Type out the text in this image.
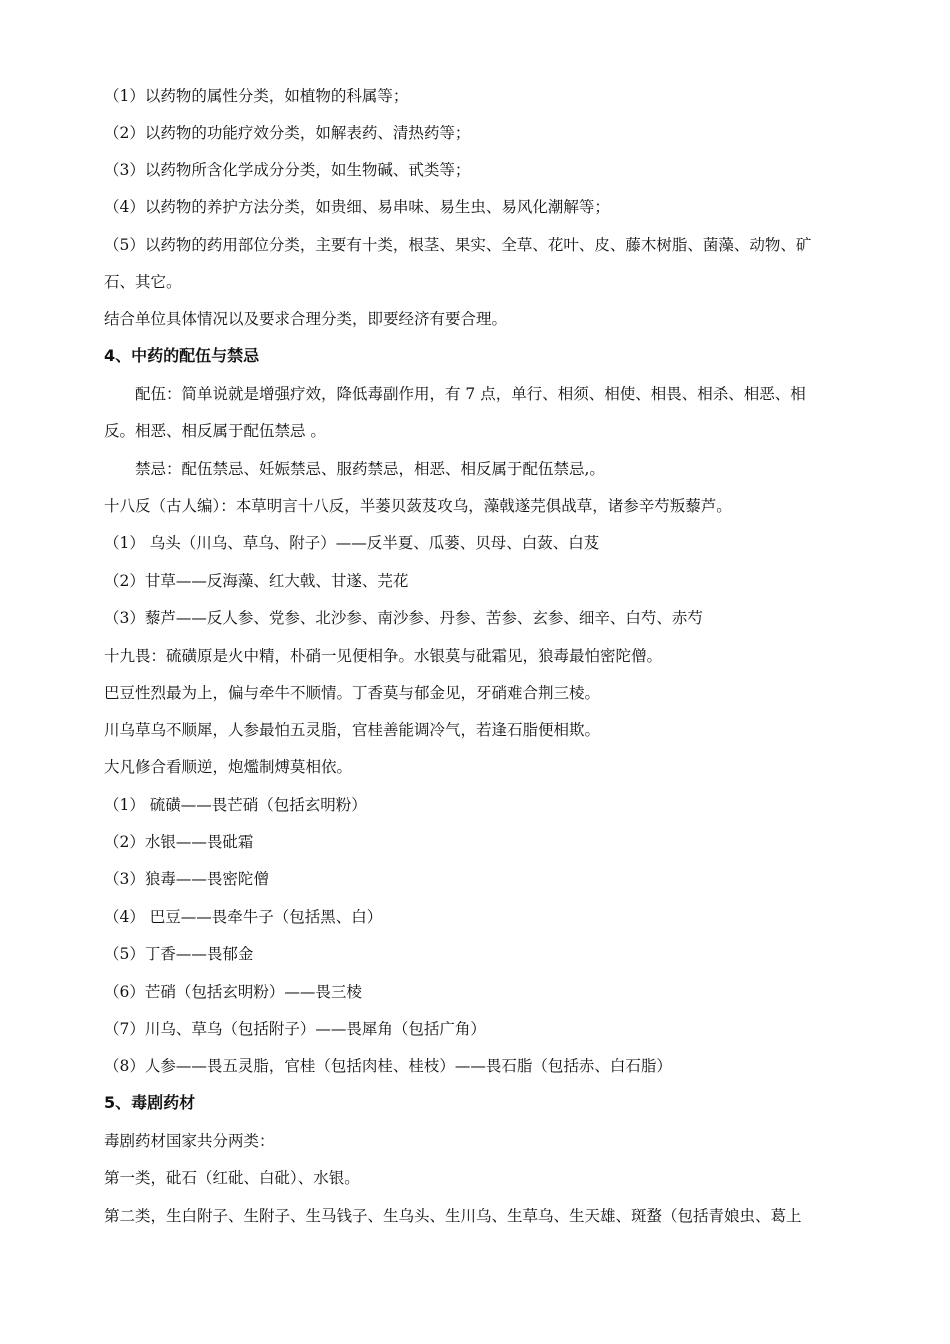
（1）以药物的属性分类，如植物的科属等；
（2）以药物的功能疗效分类，如解表药、清热药等；
（3）以药物所含化学成分分类，如生物碱、甙类等；
（4）以药物的养护方法分类，如贵细、易串味、易生虫、易风化潮解等；
（5）以药物的药用部位分类，主要有十类，根茎、果实、全草、花叶、皮、藤木树脂、菌藻、动物、矿
石、其它。
结合单位具体情况以及要求合理分类，即要经济有要合理。
4、中药的配伍与禁忌
配伍：简单说就是增强疗效，降低毒副作用，有 7 点，单行、相须、相使、相畏、相杀、相恶、相
反。相恶、相反属于配伍禁忌 。
禁忌：配伍禁忌、妊娠禁忌、服药禁忌，相恶、相反属于配伍禁忌,。
十八反（古人编）：本草明言十八反，半蒌贝蔹芨攻乌，藻戟遂芫俱战草，诸参辛芍叛藜芦。
（1） 乌头（川乌、草乌、附子）——反半夏、瓜蒌、贝母、白蔹、白芨
（2）甘草——反海藻、红大戟、甘遂、芫花
（3）藜芦——反人参、党参、北沙参、南沙参、丹参、苦参、玄参、细辛、白芍、赤芍
十九畏：硫磺原是火中精，朴硝一见便相争。水银莫与砒霜见，狼毒最怕密陀僧。
巴豆性烈最为上，偏与牵牛不顺情。丁香莫与郁金见，牙硝难合荆三棱。
川乌草乌不顺犀，人参最怕五灵脂，官桂善能调冷气，若逢石脂便相欺。
大凡修合看顺逆，炮爁制煿莫相依。
（1） 硫磺——畏芒硝（包括玄明粉）
（2）水银——畏砒霜
（3）狼毒——畏密陀僧
（4） 巴豆——畏牵牛子（包括黑、白）
（5）丁香——畏郁金
（6）芒硝（包括玄明粉）——畏三棱
（7）川乌、草乌（包括附子）——畏犀角（包括广角）
（8）人参——畏五灵脂，官桂（包括肉桂、桂枝）——畏石脂（包括赤、白石脂）
5、毒剧药材
毒剧药材国家共分两类：
第一类，砒石（红砒、白砒）、水银。
第二类，生白附子、生附子、生马钱子、生乌头、生川乌、生草乌、生天雄、斑蝥（包括青娘虫、葛上
